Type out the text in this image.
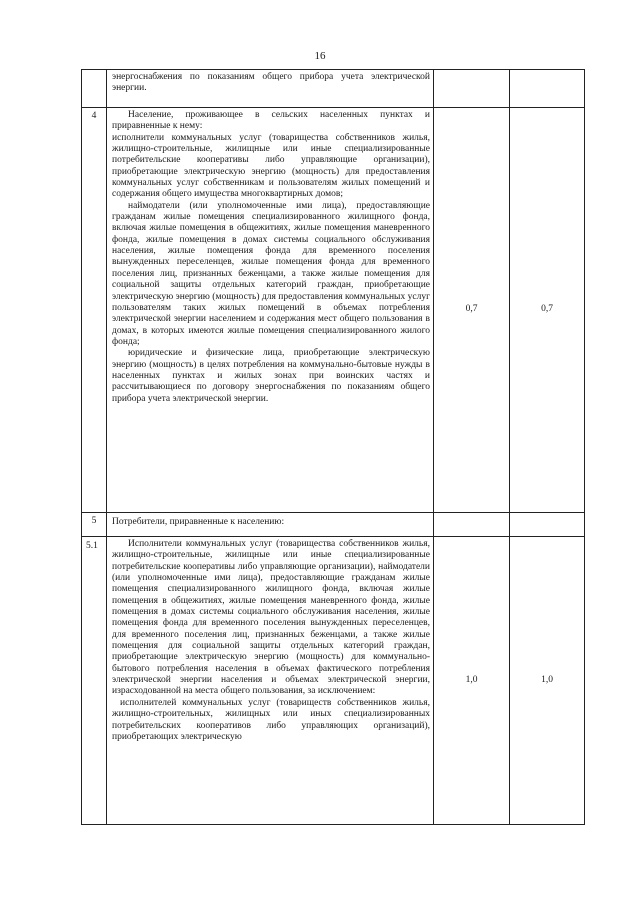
16

	энергоснабжения по показаниям общего прибора учета электрической энергии.		

4	Население, проживающее в сельских населенных пунктах и приравненные к нему:

исполнители коммунальных услуг (товарищества собственников жилья, жилищно-строительные, жилищные или иные специализированные потребительские кооперативы либо управляющие организации), приобретающие электрическую энергию (мощность) для предоставления коммунальных услуг собственникам и пользователям жилых помещений и содержания общего имущества многоквартирных домов;

наймодатели (или уполномоченные ими лица), предоставляющие гражданам жилые помещения специализированного жилищного фонда, включая жилые помещения в общежитиях, жилые помещения маневренного фонда, жилые помещения в домах системы социального обслуживания населения, жилые помещения фонда для временного поселения вынужденных переселенцев, жилые помещения фонда для временного поселения лиц, признанных беженцами, а также жилые помещения для социальной защиты отдельных категорий граждан, приобретающие электрическую энергию (мощность) для предоставления коммунальных услуг пользователям таких жилых помещений в объемах потребления электрической энергии населением и содержания мест общего пользования в домах, в которых имеются жилые помещения специализированного жилого фонда;

юридические и физические лица, приобретающие электрическую энергию (мощность) в целях потребления на коммунально-бытовые нужды в населенных пунктах и жилых зонах при воинских частях и рассчитывающиеся по договору энергоснабжения по показаниям общего прибора учета электрической энергии.	0,7	0,7
5	Потребители, приравненные к населению:		

5.1	Исполнители коммунальных услуг (товарищества собственников жилья, жилищно-строительные, жилищные или иные специализированные потребительские кооперативы либо управляющие организации), наймодатели (или уполномоченные ими лица), предоставляющие гражданам жилые помещения специализированного жилищного фонда, включая жилые помещения в общежитиях, жилые помещения маневренного фонда, жилые помещения в домах системы социального обслуживания населения, жилые помещения фонда для временного поселения вынужденных переселенцев, для временного поселения лиц, признанных беженцами, а также жилые помещения для социальной защиты отдельных категорий граждан, приобретающие электрическую энергию (мощность) для коммунально-бытового потребления населения в объемах фактического потребления электрической энергии населения и объемах электрической энергии, израсходованной на места общего пользования, за исключением:

исполнителей коммунальных услуг (товариществ собственников жилья, жилищно-строительных, жилищных или иных специализированных потребительских кооперативов либо управляющих организаций), приобретающих электрическую	1,0	1,0
